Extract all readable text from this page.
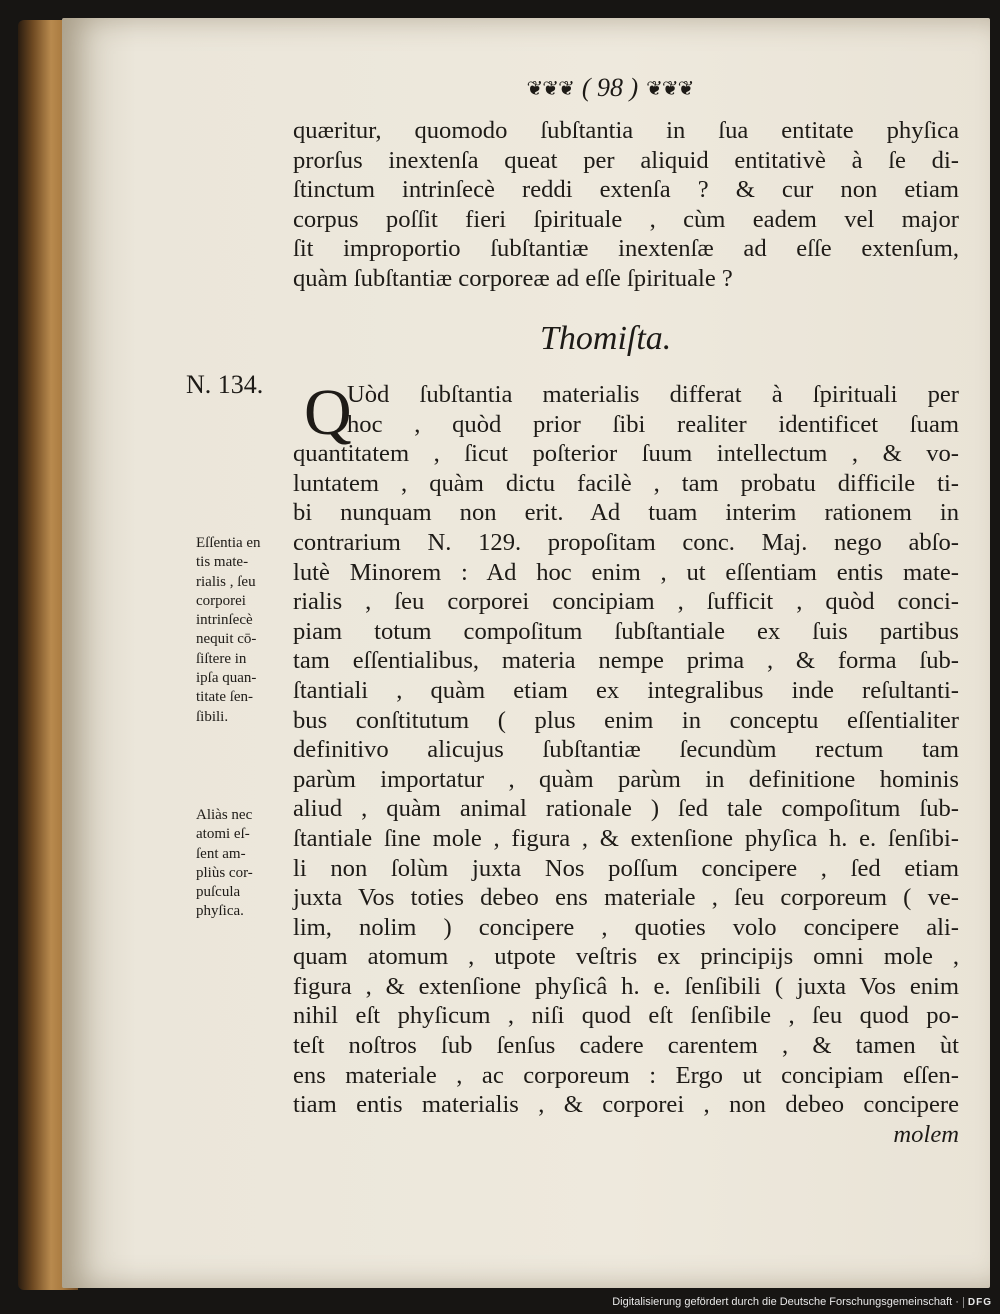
❦❦❦ ( 98 ) ❦❦❦
quæritur, quomodo ſubſtantia in ſua entitate phyſica
prorſus inextenſa queat per aliquid entitativè à ſe di-
ſtinctum intrinſecè reddi extenſa ? & cur non etiam
corpus poſſit fieri ſpirituale , cùm eadem vel major
ſit improportio ſubſtantiæ inextenſæ ad eſſe extenſum,
quàm ſubſtantiæ corporeæ ad eſſe ſpirituale ?
Thomiſta.
N. 134. Q
Uòd ſubſtantia materialis differat à ſpirituali per
hoc , quòd prior ſibi realiter identificet ſuam
quantitatem , ſicut poſterior ſuum intellectum , & vo-
luntatem , quàm dictu facilè , tam probatu difficile ti-
bi nunquam non erit. Ad tuam interim rationem in
contrarium N. 129. propoſitam conc. Maj. nego abſo-
lutè Minorem : Ad hoc enim , ut eſſentiam entis mate-
rialis , ſeu corporei concipiam , ſufficit , quòd conci-
piam totum compoſitum ſubſtantiale ex ſuis partibus
tam eſſentialibus, materia nempe prima , & forma ſub-
ſtantiali , quàm etiam ex integralibus inde reſultanti-
bus conſtitutum ( plus enim in conceptu eſſentialiter
definitivo alicujus ſubſtantiæ ſecundùm rectum tam
parùm importatur , quàm parùm in definitione hominis
aliud , quàm animal rationale ) ſed tale compoſitum ſub-
ſtantiale ſine mole , figura , & extenſione phyſica h. e. ſenſibi-
li non ſolùm juxta Nos poſſum concipere , ſed etiam
juxta Vos toties debeo ens materiale , ſeu corporeum ( ve-
lim, nolim ) concipere , quoties volo concipere ali-
quam atomum , utpote veſtris ex principijs omni mole ,
figura , & extenſione phyſicâ h. e. ſenſibili ( juxta Vos enim
nihil eſt phyſicum , niſi quod eſt ſenſibile , ſeu quod po-
teſt noſtros ſub ſenſus cadere carentem , & tamen ùt
ens materiale , ac corporeum : Ergo ut concipiam eſſen-
tiam entis materialis , & corporei , non debeo concipere
molem
Eſſentia en
tis mate-
rialis , ſeu
corporei
intrinſecè
nequit cō-
ſiſtere in
ipſa quan-
titate ſen-
ſibili.
Aliàs nec
atomi eſ-
ſent am-
pliùs cor-
puſcula
phyſica.
Digitalisierung gefördert durch die Deutsche Forschungsgemeinschaft · DFG
